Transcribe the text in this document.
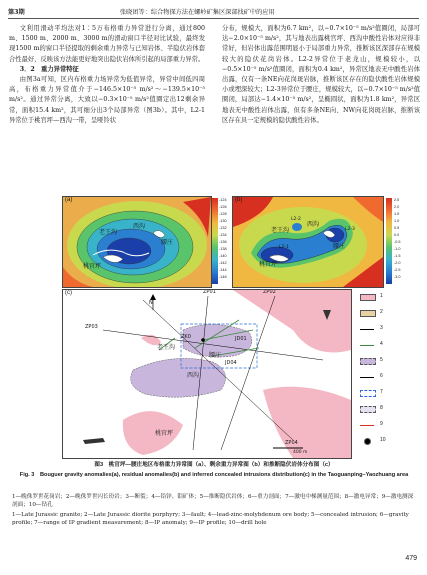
第3期	张晓团等：综合物探方法在螺岭矿集区深部找矿中的应用

文利用滑动平均法对1∶5万布格重力异常进行分离，通过800 m、1500 m、2000 m、3000 m的滑动窗口半径对比试验，最终发现1500 m的窗口半径提取的剩余重力异常与已知岩体、半隐伏岩体套合性最好，反映该方法能更好地突出隐伏岩体所引起的局部重力异常。

3．2　重力异常特征

由图3a可知，区内布格重力场异常为低值异常，异常中间低四周高，布格重力异常值介于−146.5×10⁻⁵ m/s²～−139.5×10⁻⁵ m/s²。通过异常分离，大致以−0.3×10⁻⁵ m/s²值圈定出12剩余异常，面积15.4 km²，其可细分出3个局部异常（图3b）。其中，L2-1异常位于桃官坪—西沟一带，呈哑铃状

分布，规模大，面积为6.7 km²，以−0.7×10⁻⁵ m/s²值圈闭，局部可达−2.0×10⁻⁵ m/s²，其与地表出露桃官坪、西沟中酸性岩体对应得非常好，但岩体出露范围明显小于局部重力异常，推断该区深部存在规模较大的隐伏花岗岩体。L2-2异常位于老龙山，规模较小，以−0.5×10⁻⁵ m/s²值圈闭，面积为0.4 km²，异常区地表无中酸性岩体出露，仅有一条NE向花岗斑岩脉，推断该区存在的隐伏酸性岩体规模小或埋深较大；L2-3异常位于腰庄，规模较大，以−0.7×10⁻⁵ m/s²值圈闭，局部达−1.4×10⁻⁵ m/s²，呈椭圆状，面积为1.8 km²，异常区地表无中酸性岩体出露，但有多条NE向、NW向花岗斑岩脉，推断该区存在具一定规模的隐伏酸性岩体。

(a)
老王沟
西沟
腰庄
桃官坪
-124
-126
-128
-130
-132
-134
-136
-138
-140
-142
-144
-146
(b)
老王沟
西沟
腰庄
桃官坪
L2-1
L2-2
L2-3
2.5
2.0
1.5
1.0
0.5
0.0
-0.5
-1.0
-1.5
-2.0
-2.5
-3.0
(c)
N
ZP01	ZP02
ZP03
ZP04
JD01
JD04
ZK0
老王沟
腰庄
西沟
桃官坪
400 m
1
2
3
4
5
6
7
8
9
10
图3　桃官坪—腰庄地区布格重力异常图（a）、剩余重力异常图（b）和推断隐伏岩体分布图（c）
Fig. 3　Bouguer gravity anomalies(a), residual anomalies(b) and inferred concealed intrusions distribution(c) in the Taoguanping–Yaozhuang area
1—晚侏罗世花岗岩；2—晚侏罗世闪长玢岩；3—断裂；4—铅锌、钼矿体；5—推断隐伏岩体；6—重力剖面；7—激电中梯测量范围；8—激电异常；9—激电测深剖面；10—钻孔
1—Late Jurassic granite; 2—Late Jurassic diorite porphyry; 3—fault; 4—lead-zinc-molybdenum ore body; 5—concealed intrusion; 6—gravity profile; 7—range of IP gradient measurement; 8—IP anomaly; 9—IP profile; 10—drill hole
479
